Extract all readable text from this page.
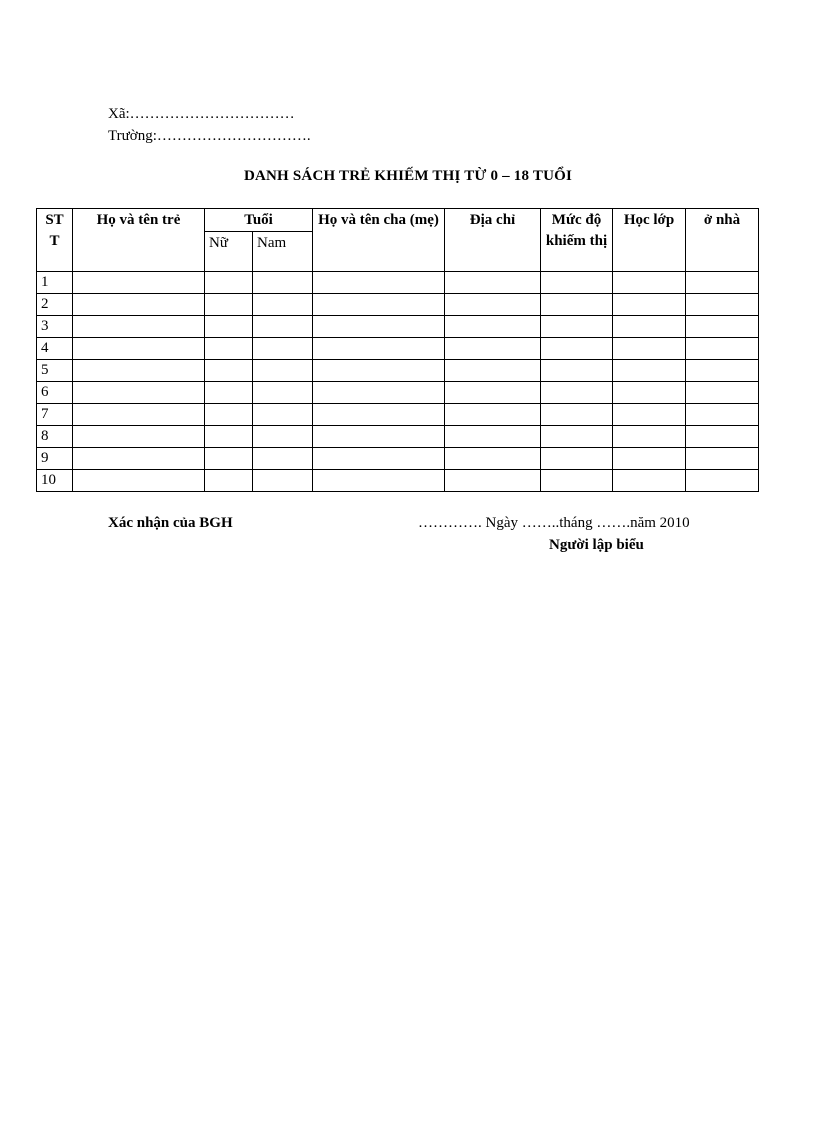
Xã:……………………………
Trường:………………………….
DANH SÁCH TRẺ KHIẾM THỊ TỪ 0 – 18 TUỔI
ST T	Họ và tên trẻ	Tuổi		Họ và tên cha (mẹ)	Địa chỉ	Mức độ khiếm thị	Học lớp	ở nhà
		Nữ	Nam					
1								
2								
3								
4								
5								
6								
7								
8								
9								
10								
Xác nhận của BGH	…………. Ngày ……..tháng …….năm 2010
Người lập biểu
